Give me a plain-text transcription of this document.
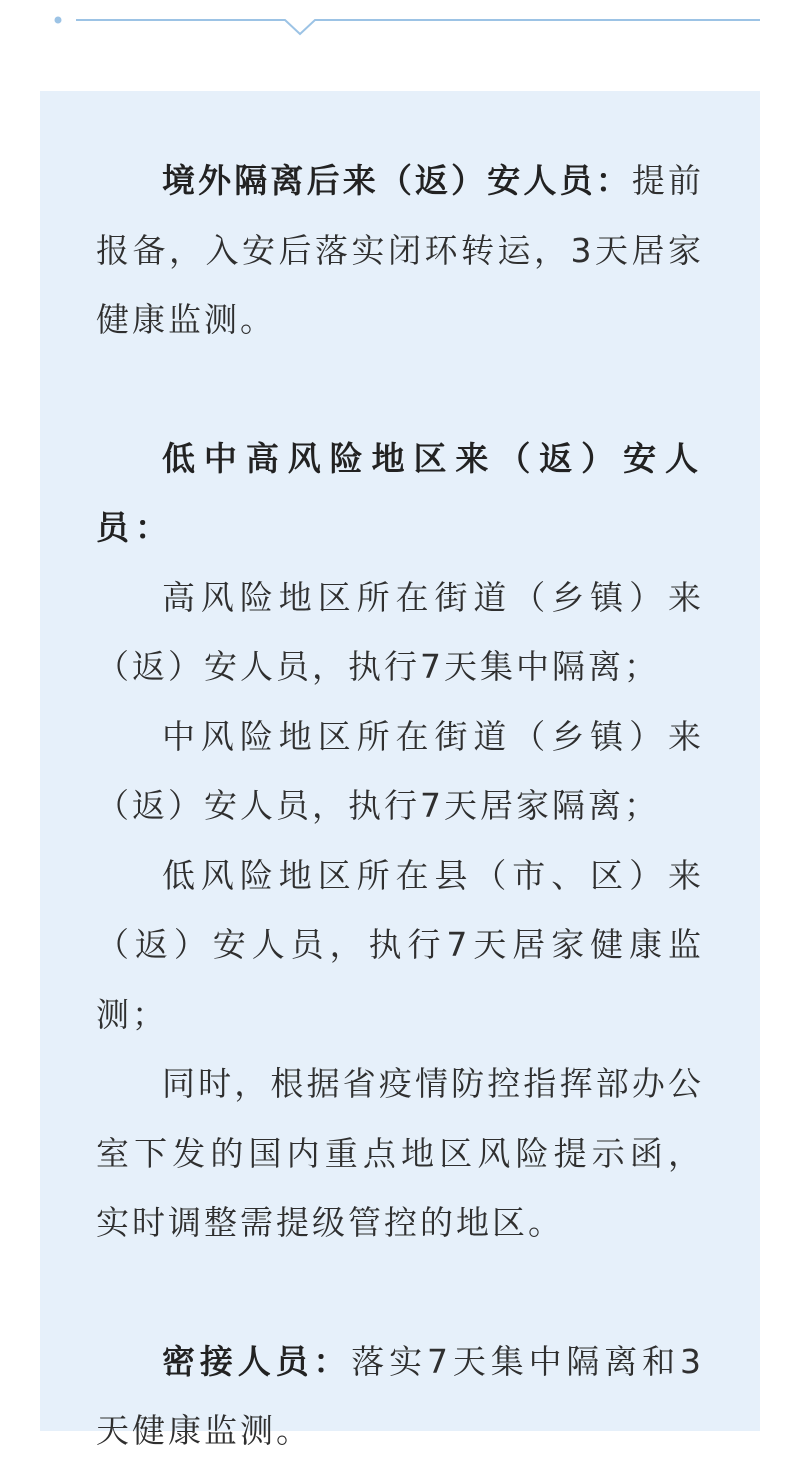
境外隔离后来（返）安人员：提前报备，入安后落实闭环转运，3天居家健康监测。

低中高风险地区来（返）安人员：

高风险地区所在街道（乡镇）来（返）安人员，执行7天集中隔离；

中风险地区所在街道（乡镇）来（返）安人员，执行7天居家隔离；

低风险地区所在县（市、区）来（返）安人员，执行7天居家健康监测；

同时，根据省疫情防控指挥部办公室下发的国内重点地区风险提示函，实时调整需提级管控的地区。

密接人员：落实7天集中隔离和3天健康监测。
